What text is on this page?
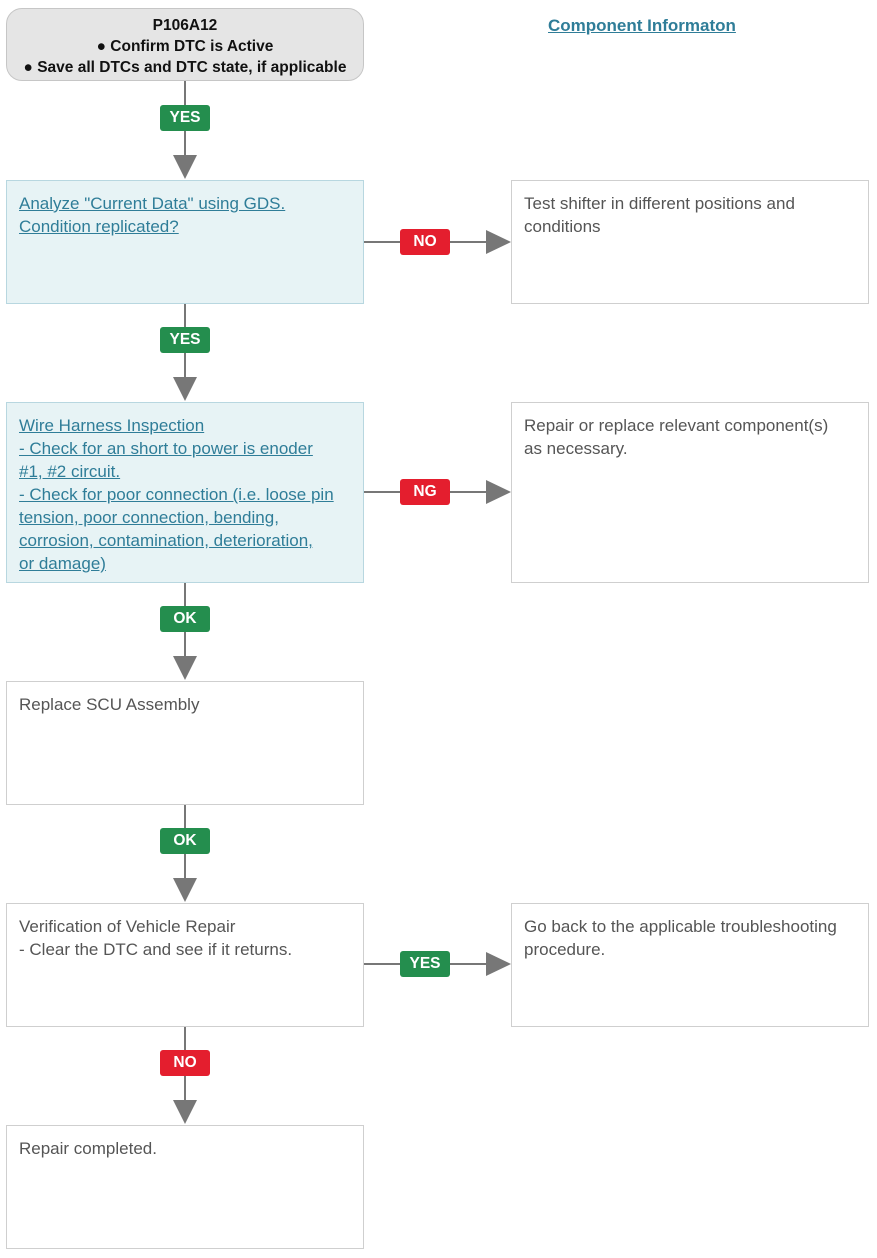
P106A12
● Confirm DTC is Active
● Save all DTCs and DTC state, if applicable
Component Informaton
Analyze "Current Data" using GDS.
Condition replicated?
Test shifter in different positions and
conditions
Wire Harness Inspection
- Check for an short to power is enoder
#1, #2 circuit.
- Check for poor connection (i.e. loose pin
tension, poor connection, bending,
corrosion, contamination, deterioration,
or damage)
Repair or replace relevant component(s)
as necessary.
Replace SCU Assembly
Verification of Vehicle Repair
- Clear the DTC and see if it returns.
Go back to the applicable troubleshooting
procedure.
Repair completed.
YES
NO
YES
NG
OK
OK
YES
NO
